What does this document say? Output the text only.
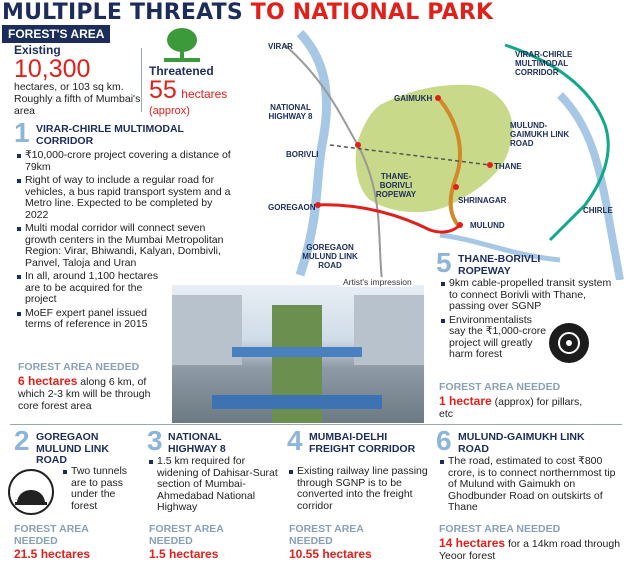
MULTIPLE THREATS TO NATIONAL PARK
FOREST'S AREA
Existing
10,300
hectares, or 103 sq km. Roughly a fifth of Mumbai's area
Threatened
55 hectares
(approx)
VIRAR
VIRAR-CHIRLE MULTIMODAL CORRIDOR
NATIONAL HIGHWAY 8
GAIMUKH
MULUND-GAIMUKH LINK ROAD
BORIVLI
THANE
THANE-BORIVLI ROPEWAY
GOREGAON
SHRINAGAR
CHIRLE
MULUND
GOREGAON MULUND LINK ROAD
1 VIRAR-CHIRLE MULTIMODAL CORRIDOR
₹10,000-crore project covering a distance of 79km
Right of way to include a regular road for vehicles, a bus rapid transport system and a Metro line. Expected to be completed by 2022
Multi modal corridor will connect seven growth centers in the Mumbai Metropolitan Region: Virar, Bhiwandi, Kalyan, Dombivli, Panvel, Taloja and Uran
In all, around 1,100 hectares are to be acquired for the project
MoEF expert panel issued terms of reference in 2015
FOREST AREA NEEDED
6 hectares along 6 km, of which 2-3 km will be through core forest area
Artist's impression
5 THANE-BORIVLI ROPEWAY
9km cable-propelled transit system to connect Borivli with Thane, passing over SGNP
Environmentalists say the ₹1,000-crore project will greatly harm forest
FOREST AREA NEEDED
1 hectare (approx) for pillars, etc
2 GOREGAON MULUND LINK ROAD
Two tunnels are to pass under the forest
FOREST AREA NEEDED
21.5 hectares
3 NATIONAL HIGHWAY 8
1.5 km required for widening of Dahisar-Surat section of Mumbai-Ahmedabad National Highway
FOREST AREA NEEDED
1.5 hectares
4 MUMBAI-DELHI FREIGHT CORRIDOR
Existing railway line passing through SGNP is to be converted into the freight corridor
FOREST AREA NEEDED
10.55 hectares
6 MULUND-GAIMUKH LINK ROAD
The road, estimated to cost ₹800 crore, is to connect northernmost tip of Mulund with Gaimukh on Ghodbunder Road on outskirts of Thane
FOREST AREA NEEDED
14 hectares for a 14km road through Yeoor forest
